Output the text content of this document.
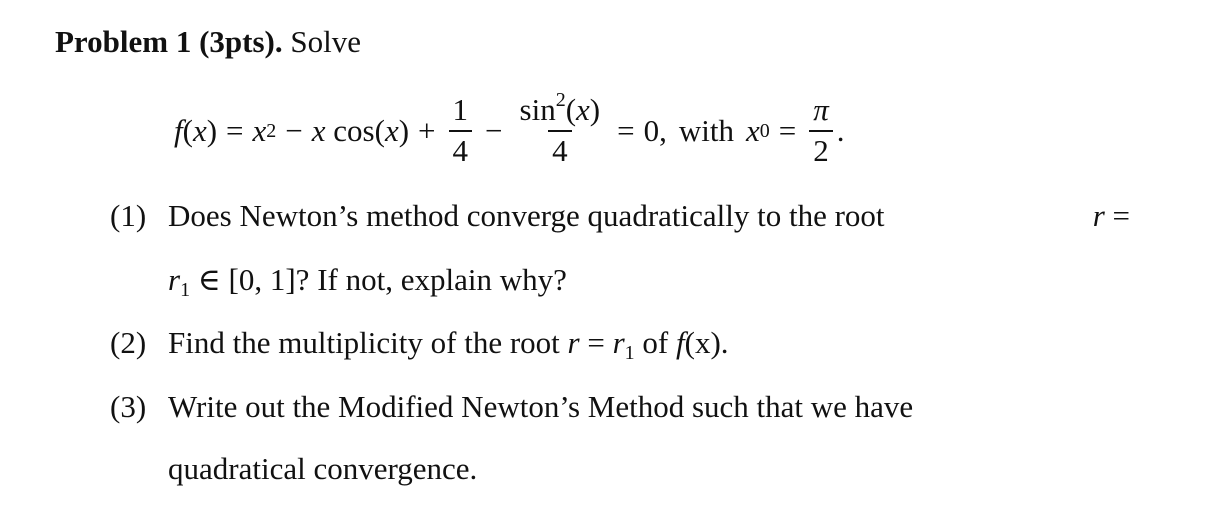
Problem 1 (3pts). Solve
f ( x ) = x 2 − x
cos ( x ) + $\frac{1}{4} - \frac{\sin^2(x)}{4} = 0$, with x $0 = \frac{\pi}{2}$ .
(1) Does Newton’s method converge quadratically to the root	r =
$r_1$ ∈ [0, 1]? If not, explain why?
(2) Find the multiplicity of the root $r = r_1$ of f(x).
(3) Write out the Modified Newton’s Method such that we have
quadratical convergence.
